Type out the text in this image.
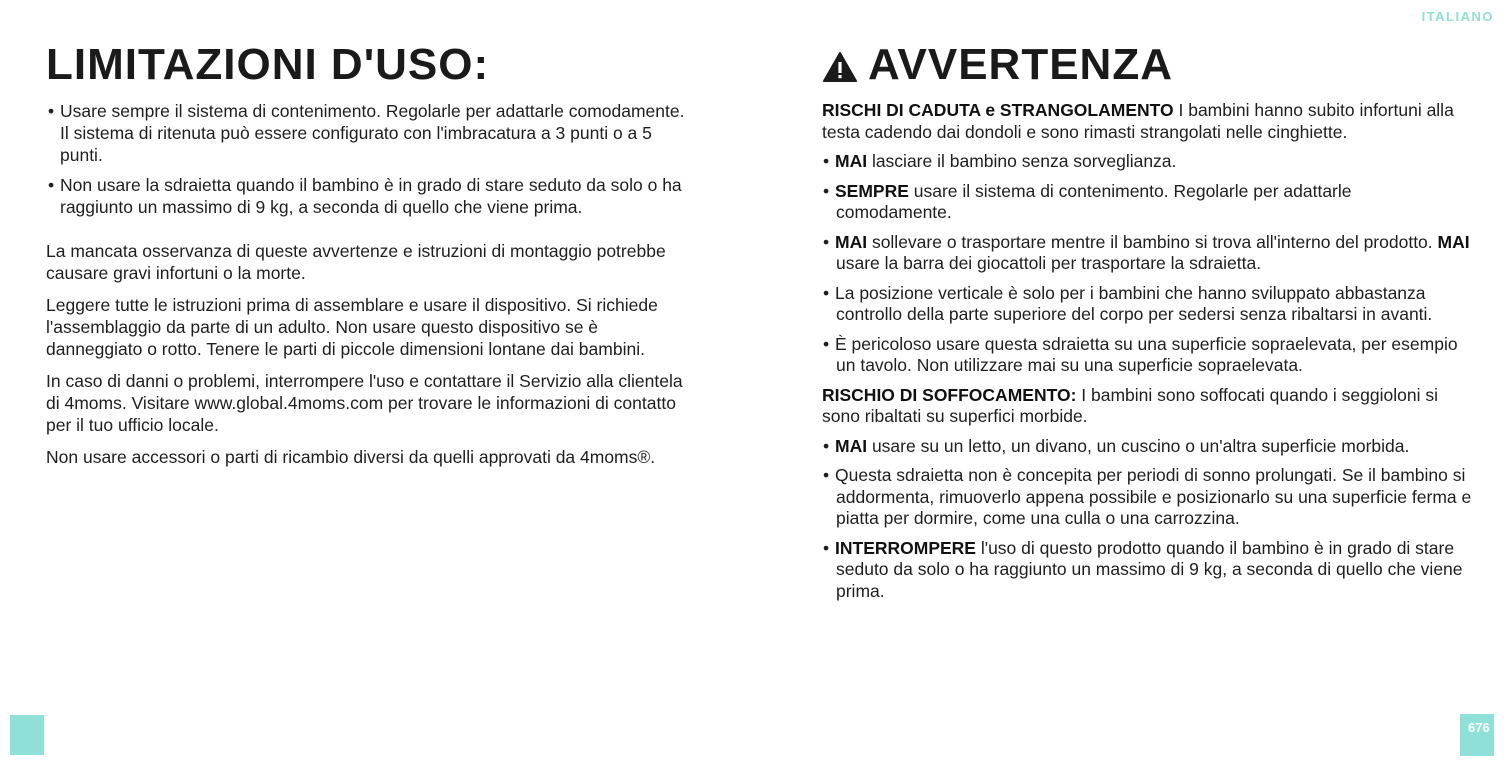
ITALIANO
LIMITAZIONI D'USO:
• Usare sempre il sistema di contenimento. Regolarle per adattarle comodamente. Il sistema di ritenuta può essere configurato con l'imbracatura a 3 punti o a 5 punti.
• Non usare la sdraietta quando il bambino è in grado di stare seduto da solo o ha raggiunto un massimo di 9 kg, a seconda di quello che viene prima.

La mancata osservanza di queste avvertenze e istruzioni di montaggio potrebbe causare gravi infortuni o la morte.

Leggere tutte le istruzioni prima di assemblare e usare il dispositivo. Si richiede l'assemblaggio da parte di un adulto. Non usare questo dispositivo se è danneggiato o rotto. Tenere le parti di piccole dimensioni lontane dai bambini.

In caso di danni o problemi, interrompere l'uso e contattare il Servizio alla clientela di 4moms. Visitare www.global.4moms.com per trovare le informazioni di contatto per il tuo ufficio locale.

Non usare accessori o parti di ricambio diversi da quelli approvati da 4moms®.

AVVERTENZA
RISCHI DI CADUTA e STRANGOLAMENTO I bambini hanno subito infortuni alla testa cadendo dai dondoli e sono rimasti strangolati nelle cinghiette.
• MAI lasciare il bambino senza sorveglianza.
• SEMPRE usare il sistema di contenimento. Regolarle per adattarle comodamente.
• MAI sollevare o trasportare mentre il bambino si trova all'interno del prodotto. MAI usare la barra dei giocattoli per trasportare la sdraietta.
• La posizione verticale è solo per i bambini che hanno sviluppato abbastanza controllo della parte superiore del corpo per sedersi senza ribaltarsi in avanti.
• È pericoloso usare questa sdraietta su una superficie sopraelevata, per esempio un tavolo. Non utilizzare mai su una superficie sopraelevata.
RISCHIO DI SOFFOCAMENTO: I bambini sono soffocati quando i seggioloni si sono ribaltati su superfici morbide.
• MAI usare su un letto, un divano, un cuscino o un'altra superficie morbida.
• Questa sdraietta non è concepita per periodi di sonno prolungati. Se il bambino si addormenta, rimuoverlo appena possibile e posizionarlo su una superficie ferma e piatta per dormire, come una culla o una carrozzina.
• INTERROMPERE l'uso di questo prodotto quando il bambino è in grado di stare seduto da solo o ha raggiunto un massimo di 9 kg, a seconda di quello che viene prima.
676
